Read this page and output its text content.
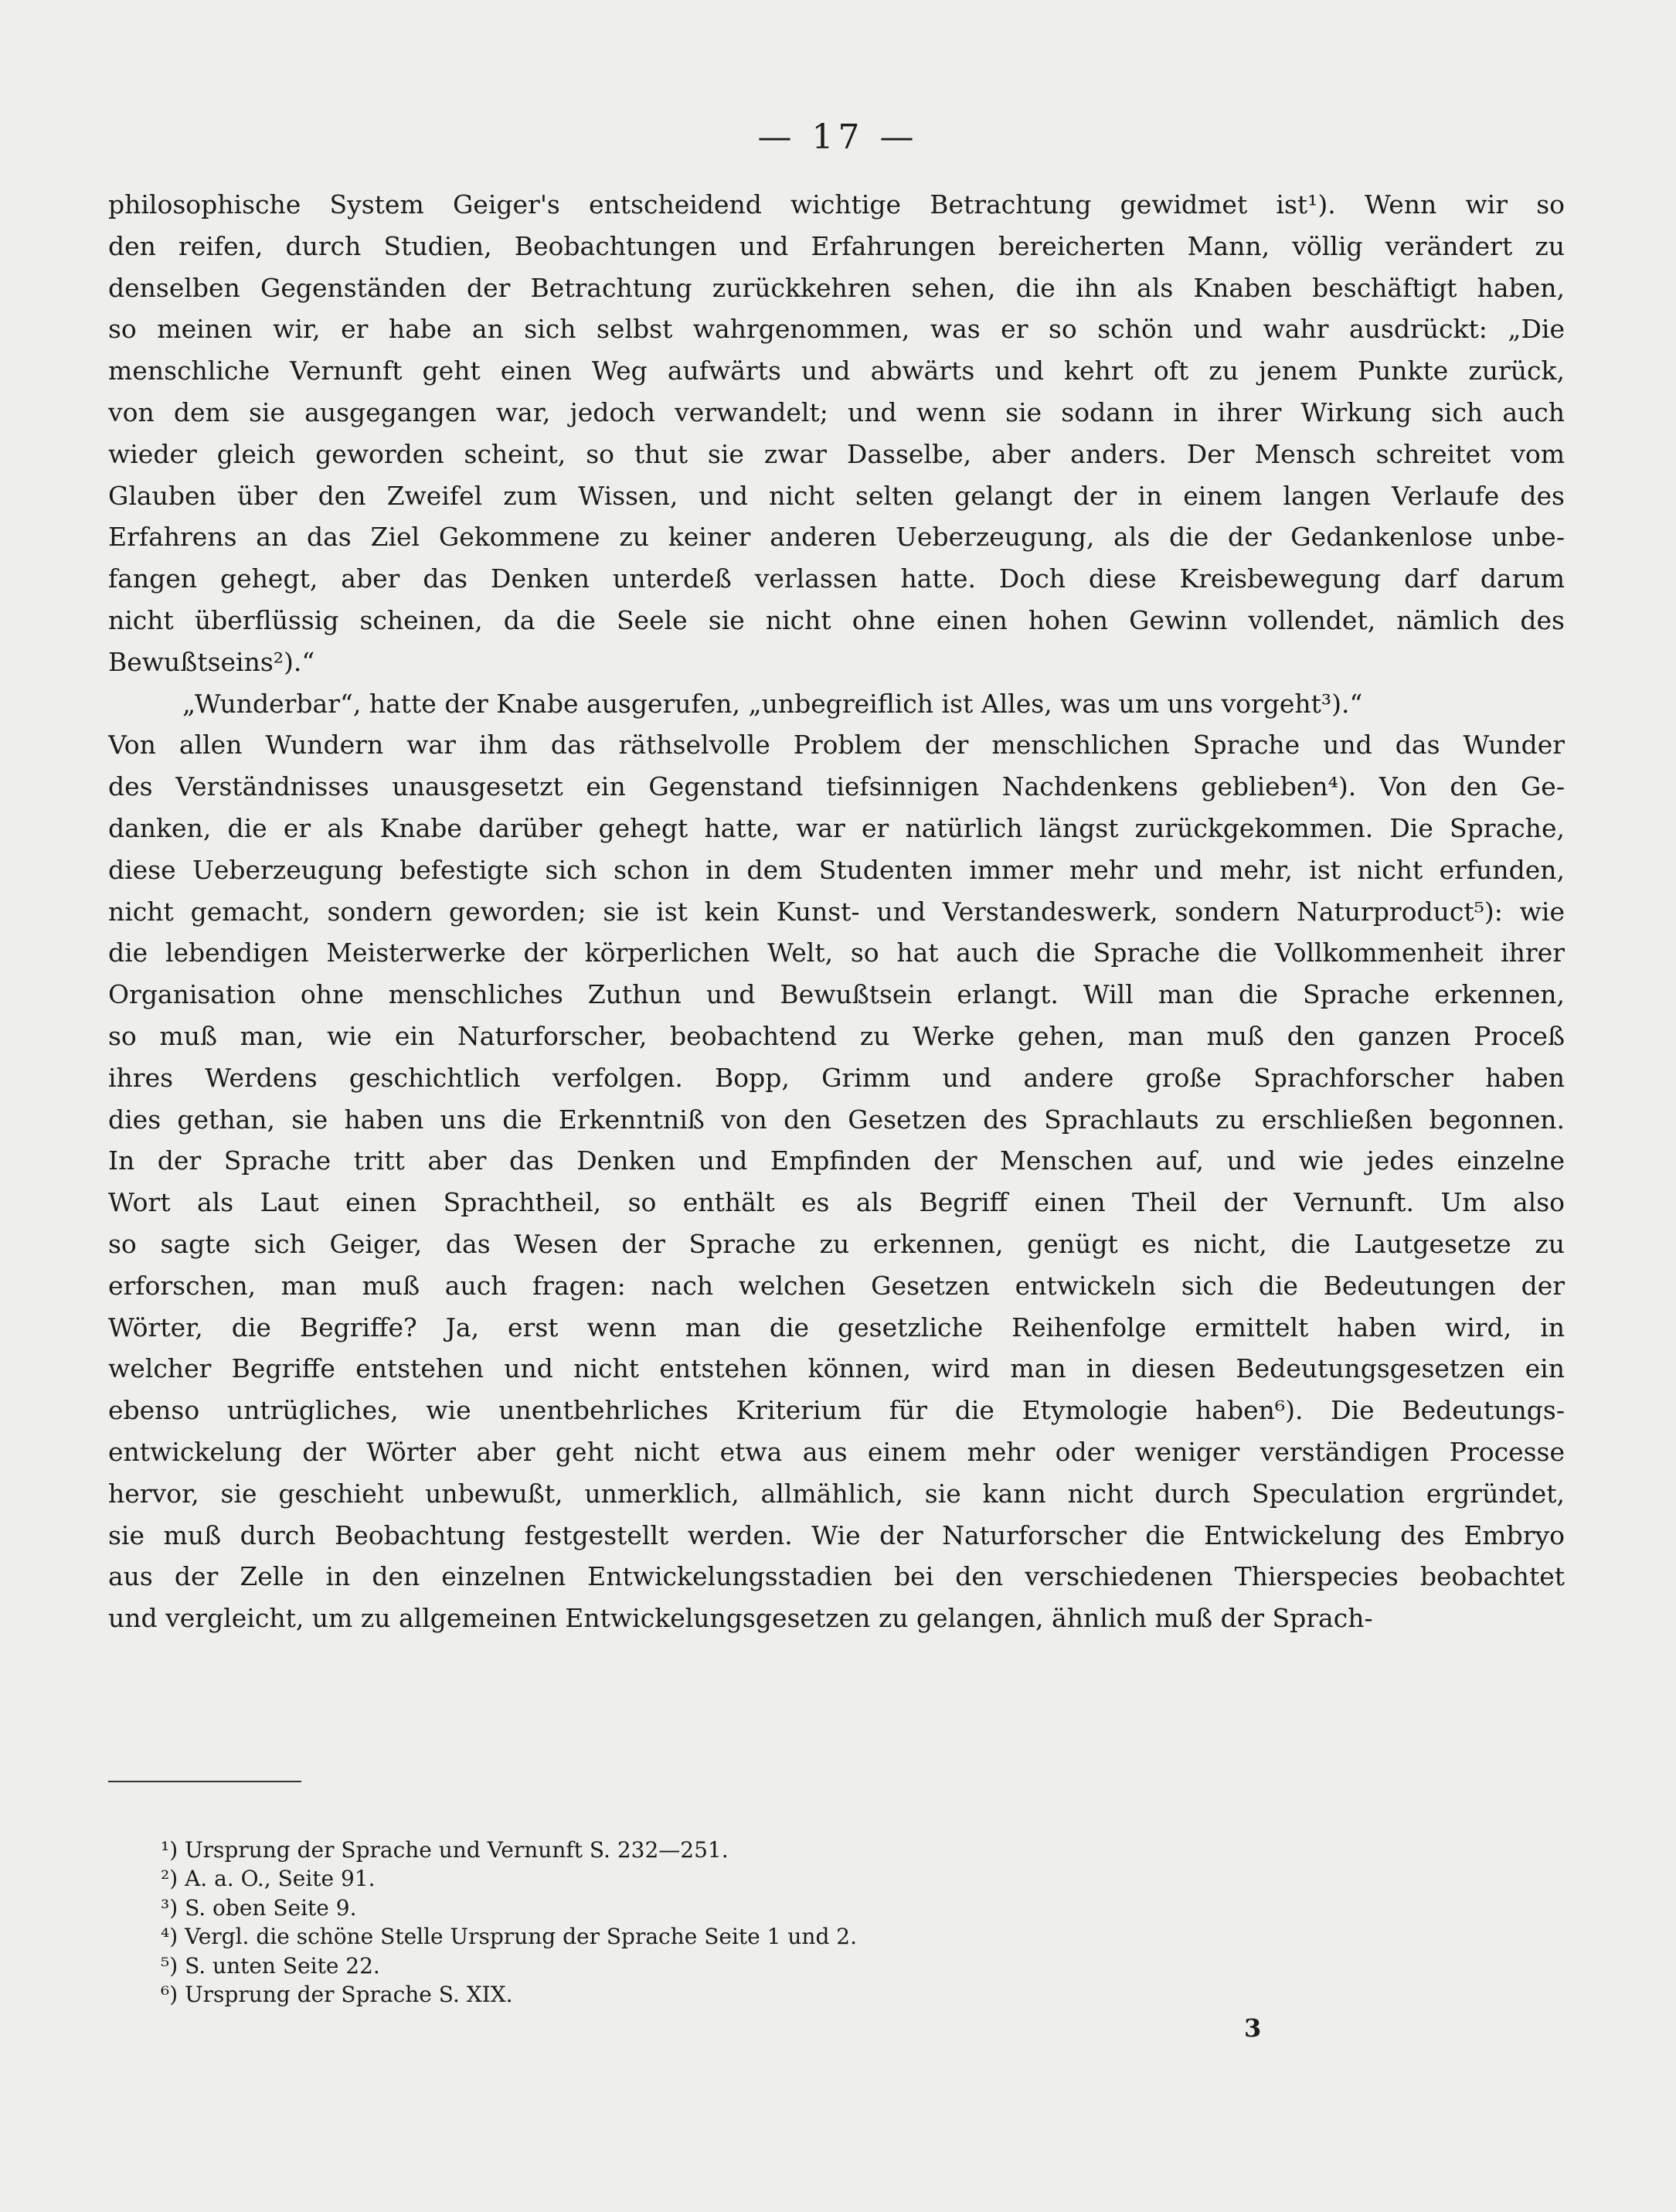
— 17 —
philosophische System Geiger's entscheidend wichtige Betrachtung gewidmet ist¹). Wenn wir so
den reifen, durch Studien, Beobachtungen und Erfahrungen bereicherten Mann, völlig verändert zu
denselben Gegenständen der Betrachtung zurückkehren sehen, die ihn als Knaben beschäftigt haben,
so meinen wir, er habe an sich selbst wahrgenommen, was er so schön und wahr ausdrückt: „Die
menschliche Vernunft geht einen Weg aufwärts und abwärts und kehrt oft zu jenem Punkte zurück,
von dem sie ausgegangen war, jedoch verwandelt; und wenn sie sodann in ihrer Wirkung sich auch
wieder gleich geworden scheint, so thut sie zwar Dasselbe, aber anders. Der Mensch schreitet vom
Glauben über den Zweifel zum Wissen, und nicht selten gelangt der in einem langen Verlaufe des
Erfahrens an das Ziel Gekommene zu keiner anderen Ueberzeugung, als die der Gedankenlose unbe-
fangen gehegt, aber das Denken unterdeß verlassen hatte. Doch diese Kreisbewegung darf darum
nicht überflüssig scheinen, da die Seele sie nicht ohne einen hohen Gewinn vollendet, nämlich des
Bewußtseins²).“
„Wunderbar“, hatte der Knabe ausgerufen, „unbegreiflich ist Alles, was um uns vorgeht³).“
Von allen Wundern war ihm das räthselvolle Problem der menschlichen Sprache und das Wunder
des Verständnisses unausgesetzt ein Gegenstand tiefsinnigen Nachdenkens geblieben⁴). Von den Ge-
danken, die er als Knabe darüber gehegt hatte, war er natürlich längst zurückgekommen. Die Sprache,
diese Ueberzeugung befestigte sich schon in dem Studenten immer mehr und mehr, ist nicht erfunden,
nicht gemacht, sondern geworden; sie ist kein Kunst- und Verstandeswerk, sondern Naturproduct⁵): wie
die lebendigen Meisterwerke der körperlichen Welt, so hat auch die Sprache die Vollkommenheit ihrer
Organisation ohne menschliches Zuthun und Bewußtsein erlangt. Will man die Sprache erkennen,
so muß man, wie ein Naturforscher, beobachtend zu Werke gehen, man muß den ganzen Proceß
ihres Werdens geschichtlich verfolgen. Bopp, Grimm und andere große Sprachforscher haben
dies gethan, sie haben uns die Erkenntniß von den Gesetzen des Sprachlauts zu erschließen begonnen.
In der Sprache tritt aber das Denken und Empfinden der Menschen auf, und wie jedes einzelne
Wort als Laut einen Sprachtheil, so enthält es als Begriff einen Theil der Vernunft. Um also
so sagte sich Geiger, das Wesen der Sprache zu erkennen, genügt es nicht, die Lautgesetze zu
erforschen, man muß auch fragen: nach welchen Gesetzen entwickeln sich die Bedeutungen der
Wörter, die Begriffe? Ja, erst wenn man die gesetzliche Reihenfolge ermittelt haben wird, in
welcher Begriffe entstehen und nicht entstehen können, wird man in diesen Bedeutungsgesetzen ein
ebenso untrügliches, wie unentbehrliches Kriterium für die Etymologie haben⁶). Die Bedeutungs-
entwickelung der Wörter aber geht nicht etwa aus einem mehr oder weniger verständigen Processe
hervor, sie geschieht unbewußt, unmerklich, allmählich, sie kann nicht durch Speculation ergründet,
sie muß durch Beobachtung festgestellt werden. Wie der Naturforscher die Entwickelung des Embryo
aus der Zelle in den einzelnen Entwickelungsstadien bei den verschiedenen Thierspecies beobachtet
und vergleicht, um zu allgemeinen Entwickelungsgesetzen zu gelangen, ähnlich muß der Sprach-
¹) Ursprung der Sprache und Vernunft S. 232—251.
²) A. a. O., Seite 91.
³) S. oben Seite 9.
⁴) Vergl. die schöne Stelle Ursprung der Sprache Seite 1 und 2.
⁵) S. unten Seite 22.
⁶) Ursprung der Sprache S. XIX.
3
